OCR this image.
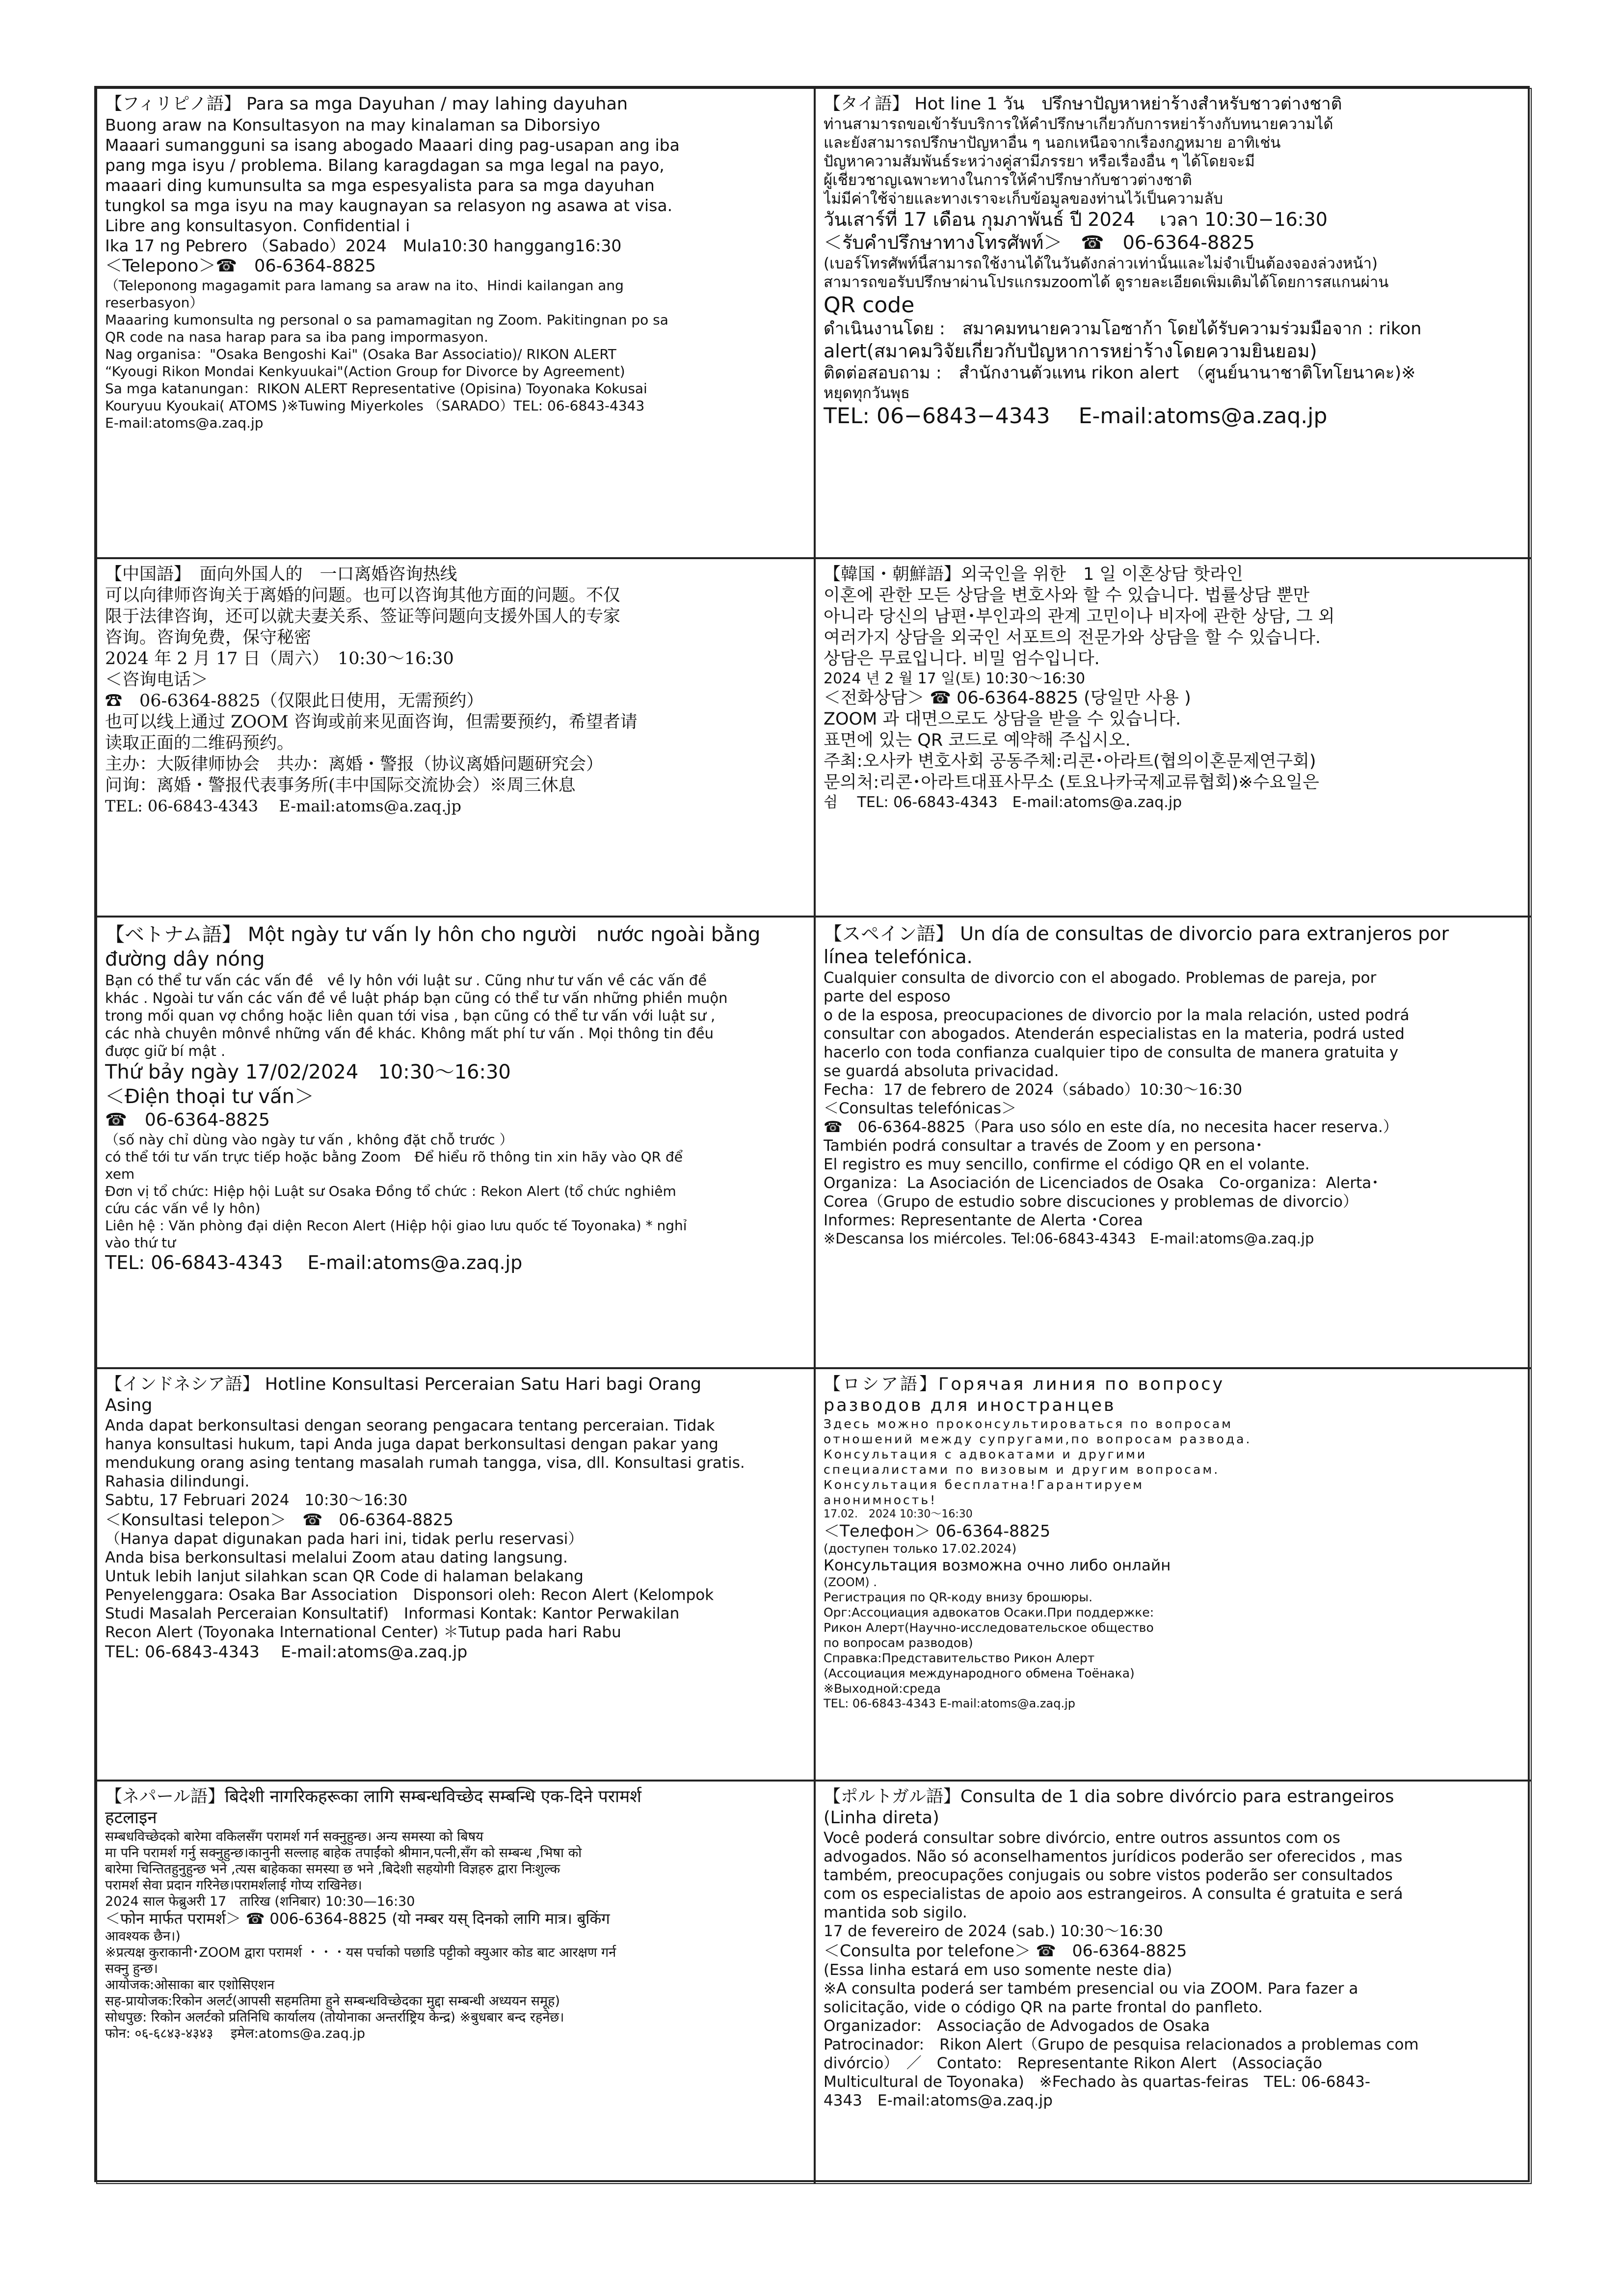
【フィリピノ語】 Para sa mga Dayuhan / may lahing dayuhan
Buong araw na Konsultasyon na may kinalaman sa Diborsiyo
Maaari sumangguni sa isang abogado Maaari ding pag-usapan ang iba
pang mga isyu / problema. Bilang karagdagan sa mga legal na payo,
maaari ding kumunsulta sa mga espesyalista para sa mga dayuhan
tungkol sa mga isyu na may kaugnayan sa relasyon ng asawa at visa.
Libre ang konsultasyon. Confidential i
Ika 17 ng Pebrero （Sabado）2024　Mula10:30 hanggang16:30
＜Telepono＞☎　06-6364-8825
（Teleponong magagamit para lamang sa araw na ito、Hindi kailangan ang
reserbasyon）
Maaaring kumonsulta ng personal o sa pamamagitan ng Zoom. Pakitingnan po sa
QR code na nasa harap para sa iba pang impormasyon.
Nag organisa："Osaka Bengoshi Kai" (Osaka Bar Associatio)/ RIKON ALERT
“Kyougi Rikon Mondai Kenkyuukai"(Action Group for Divorce by Agreement)
Sa mga katanungan：RIKON ALERT Representative (Opisina) Toyonaka Kokusai
Kouryuu Kyoukai( ATOMS )※Tuwing Miyerkoles （SARADO）TEL: 06-6843-4343
E-mail:atoms@a.zaq.jp
【タイ語】 Hot line 1 วัน　ปรึกษาปัญหาหย่าร้างสำหรับชาวต่างชาติ
ท่านสามารถขอเข้ารับบริการให้คำปรึกษาเกี่ยวกับการหย่าร้างกับทนายความได้
และยังสามารถปรึกษาปัญหาอื่น ๆ นอกเหนือจากเรื่องกฎหมาย อาทิเช่น
ปัญหาความสัมพันธ์ระหว่างคู่สามีภรรยา หรือเรื่องอื่น ๆ ได้โดยจะมี
ผู้เชี่ยวชาญเฉพาะทางในการให้คำปรึกษากับชาวต่างชาติ
ไม่มีค่าใช้จ่ายและทางเราจะเก็บข้อมูลของท่านไว้เป็นความลับ
วันเสาร์ที่ 17 เดือน กุมภาพันธ์ ปี 2024　 เวลา 10:30−16:30
＜รับคำปรึกษาทางโทรศัพท์＞　☎　06-6364-8825
(เบอร์โทรศัพท์นี้สามารถใช้งานได้ในวันดังกล่าวเท่านั้นและไม่จำเป็นต้องจองล่วงหน้า)
สามารถขอรับปรึกษาผ่านโปรแกรมzoomได้ ดูรายละเอียดเพิ่มเติมได้โดยการสแกนผ่าน
QR code
ดำเนินงานโดย :　สมาคมทนายความโอซาก้า โดยได้รับความร่วมมือจาก : rikon
alert(สมาคมวิจัยเกี่ยวกับปัญหาการหย่าร้างโดยความยินยอม)
ติดต่อสอบถาม :　สำนักงานตัวแทน rikon alert　（ศูนย์นานาชาติโทโยนาคะ)※
หยุดทุกวันพุธ
TEL: 06−6843−4343　 E-mail:atoms@a.zaq.jp
【中国語】　面向外国人的　一口离婚咨询热线
可以向律师咨询关于离婚的问题。也可以咨询其他方面的问题。不仅
限于法律咨询，还可以就夫妻关系、签证等问题向支援外国人的专家
咨询。咨询免费，保守秘密
2024 年 2 月 17 日（周六）　10:30～16:30
＜咨询电话＞
☎　06-6364-8825（仅限此日使用，无需预约）
也可以线上通过 ZOOM 咨询或前来见面咨询，但需要预约，希望者请
读取正面的二维码预约。
主办：大阪律师协会　共办：离婚・警报（协议离婚问题研究会）
问询：离婚・警报代表事务所(丰中国际交流协会）※周三休息
TEL: 06-6843-4343　 E-mail:atoms@a.zaq.jp
【韓国・朝鮮語】외국인을 위한　1 일 이혼상담 핫라인
이혼에 관한 모든 상담을 변호사와 할 수 있습니다. 법률상담 뿐만
아니라 당신의 남편･부인과의 관계 고민이나 비자에 관한 상담, 그 외
여러가지 상담을 외국인 서포트의 전문가와 상담을 할 수 있습니다.
상담은 무료입니다. 비밀 엄수입니다.
2024 년 2 월 17 일(토) 10:30～16:30
＜전화상담＞ ☎ 06-6364-8825 (당일만 사용 )
ZOOM 과 대면으로도 상담을 받을 수 있습니다.
표면에 있는 QR 코드로 예약해 주십시오.
주최:오사카 변호사회 공동주체:리콘･아라트(협의이혼문제연구회)
문의처:리콘･아라트대표사무소 (토요나카국제교류협회)※수요일은
쉼　 TEL: 06-6843-4343　E-mail:atoms@a.zaq.jp
【ベトナム語】 Một ngày tư vấn ly hôn cho người　nước ngoài bằng
đường dây nóng
Bạn có thể tư vấn các vấn đề　về ly hôn với luật sư . Cũng như tư vấn về các vấn đề
khác . Ngoài tư vấn các vấn đề về luật pháp bạn cũng có thể tư vấn những phiền muộn
trong mối quan vợ chồng hoặc liên quan tới visa , bạn cũng có thể tư vấn với luật sư ,
các nhà chuyên mônvề những vấn đề khác. Không mất phí tư vấn . Mọi thông tin đều
được giữ bí mật .
Thứ bảy ngày 17/02/2024　10:30～16:30
＜Điện thoại tư vấn＞
☎　06-6364-8825
（số này chỉ dùng vào ngày tư vấn , không đặt chỗ trước ）
có thể tới tư vấn trực tiếp hoặc bằng Zoom　Để hiểu rõ thông tin xin hãy vào QR để
xem
Đơn vị tổ chức: Hiệp hội Luật sư Osaka Đồng tổ chức : Rekon Alert (tổ chức nghiêm
cứu các vấn về ly hôn)
Liên hệ : Văn phòng đại diện Recon Alert (Hiệp hội giao lưu quốc tế Toyonaka) * nghỉ
vào thứ tư
TEL: 06-6843-4343　 E-mail:atoms@a.zaq.jp
【スペイン語】 Un día de consultas de divorcio para extranjeros por
línea telefónica.
Cualquier consulta de divorcio con el abogado. Problemas de pareja, por
parte del esposo
o de la esposa, preocupaciones de divorcio por la mala relación, usted podrá
consultar con abogados. Atenderán especialistas en la materia, podrá usted
hacerlo con toda confianza cualquier tipo de consulta de manera gratuita y
se guardá absoluta privacidad.
Fecha：17 de febrero de 2024（sábado）10:30～16:30
＜Consultas telefónicas＞
☎　06-6364-8825（Para uso sólo en este día, no necesita hacer reserva.）
También podrá consultar a través de Zoom y en persona･
El registro es muy sencillo, confirme el código QR en el volante.
Organiza：La Asociación de Licenciados de Osaka　Co-organiza：Alerta･
Corea（Grupo de estudio sobre discuciones y problemas de divorcio）
Informes: Representante de Alerta ･Corea
※Descansa los miércoles. Tel:06-6843-4343　E-mail:atoms@a.zaq.jp
【インドネシア語】 Hotline Konsultasi Perceraian Satu Hari bagi Orang
Asing
Anda dapat berkonsultasi dengan seorang pengacara tentang perceraian. Tidak
hanya konsultasi hukum, tapi Anda juga dapat berkonsultasi dengan pakar yang
mendukung orang asing tentang masalah rumah tangga, visa, dll. Konsultasi gratis.
Rahasia dilindungi.
Sabtu, 17 Februari 2024　10:30～16:30
＜Konsultasi telepon＞　☎　06-6364-8825
（Hanya dapat digunakan pada hari ini, tidak perlu reservasi）
Anda bisa berkonsultasi melalui Zoom atau dating langsung.
Untuk lebih lanjut silahkan scan QR Code di halaman belakang
Penyelenggara: Osaka Bar Association　Disponsori oleh: Recon Alert (Kelompok
Studi Masalah Perceraian Konsultatif)　Informasi Kontak: Kantor Perwakilan
Recon Alert (Toyonaka International Center) ＊Tutup pada hari Rabu
TEL: 06-6843-4343　 E-mail:atoms@a.zaq.jp
【ロシア語】Горячая линия по вопросу
разводов для иностранцев
Здесь можно проконсультироваться по вопросам
отношений между супругами,по вопросам развода.
Консультация с адвокатами и другими
специалистами по визовым и другим вопросам.
Консультация бесплатна!Гарантируем
анонимность!
17.02.　2024 10:30～16:30
＜Телефон＞ 06-6364-8825
(доступен только 17.02.2024)
Консультация возможна очно либо онлайн
(ZOOM) .
Регистрация по QR-коду внизу брошюры.
Орг:Ассоциация адвокатов Осаки.При поддержке:
Рикон Алерт(Научно-исследовательское общество
по вопросам разводов)
Справка:Представительство Рикон Алерт
(Ассоциация международного обмена Тоёнака)
※Выходной:среда
TEL: 06-6843-4343 E-mail:atoms@a.zaq.jp
【ネパール語】बिदेशी नागरिकहरूका लागि सम्बन्धविच्छेद सम्बन्धि एक-दिने परामर्श
हटलाइन
सम्बधविच्छेदको बारेमा वकिलसँग परामर्श गर्न सक्नुहुन्छ। अन्य समस्या को बिषय
मा पनि परामर्श गर्नु सक्नुहुन्छ।कानुनी सल्लाह बाहेक तपाईंको श्रीमान,पत्नी,सँग को सम्बन्ध ,भिषा को
बारेमा चिन्तितहुनुहुन्छ भने ,त्यस बाहेकका समस्या छ भने ,बिदेशी सहयोगी विज्ञहरु द्वारा निःशुल्क
परामर्श सेवा प्रदान गरिनेछ।परामर्शलाई गोप्य राखिनेछ।
2024 साल फेब्रुअरी 17　तारिख (शनिबार) 10:30—16:30
＜फोन मार्फत परामर्श＞ ☎ 006-6364-8825 (यो नम्बर यस् दिनको लागि मात्र। बुकिंग
आवश्यक छैन।)
※प्रत्यक्ष कुराकानी･ZOOM द्वारा परामर्श ・・・यस पर्चाको पछाडि पट्टीको क्युआर कोड बाट आरक्षण गर्न
सक्नु हुन्छ।
आयोजक:ओसाका बार एशोसिएशन
सह-प्रायोजक:रिकोन अलर्ट(आपसी सहमतिमा हुने सम्बन्धविच्छेदका मुद्दा सम्बन्धी अध्ययन समूह)
सोधपुछ: रिकोन अलर्टको प्रतिनिधि कार्यालय (तोयोनाका अन्तर्राष्ट्रिय केन्द्र) ※बुधबार बन्द रहनेछ।
फोन: ०६-६८४३-४३४३　 इमेल:atoms@a.zaq.jp
【ポルトガル語】Consulta de 1 dia sobre divórcio para estrangeiros
(Linha direta)
Você poderá consultar sobre divórcio, entre outros assuntos com os
advogados. Não só aconselhamentos jurídicos poderão ser oferecidos , mas
também, preocupações conjugais ou sobre vistos poderão ser consultados
com os especialistas de apoio aos estrangeiros. A consulta é gratuita e será
mantida sob sigilo.
17 de fevereiro de 2024 (sab.) 10:30～16:30
＜Consulta por telefone＞ ☎　06-6364-8825
(Essa linha estará em uso somente neste dia)
※A consulta poderá ser também presencial ou via ZOOM. Para fazer a
solicitação, vide o código QR na parte frontal do panfleto.
Organizador:　Associação de Advogados de Osaka
Patrocinador:　Rikon Alert（Grupo de pesquisa relacionados a problemas com
divórcio）　／　Contato:　Representante Rikon Alert　(Associação
Multicultural de Toyonaka)　※Fechado às quartas-feiras　TEL: 06-6843-
4343　E-mail:atoms@a.zaq.jp
